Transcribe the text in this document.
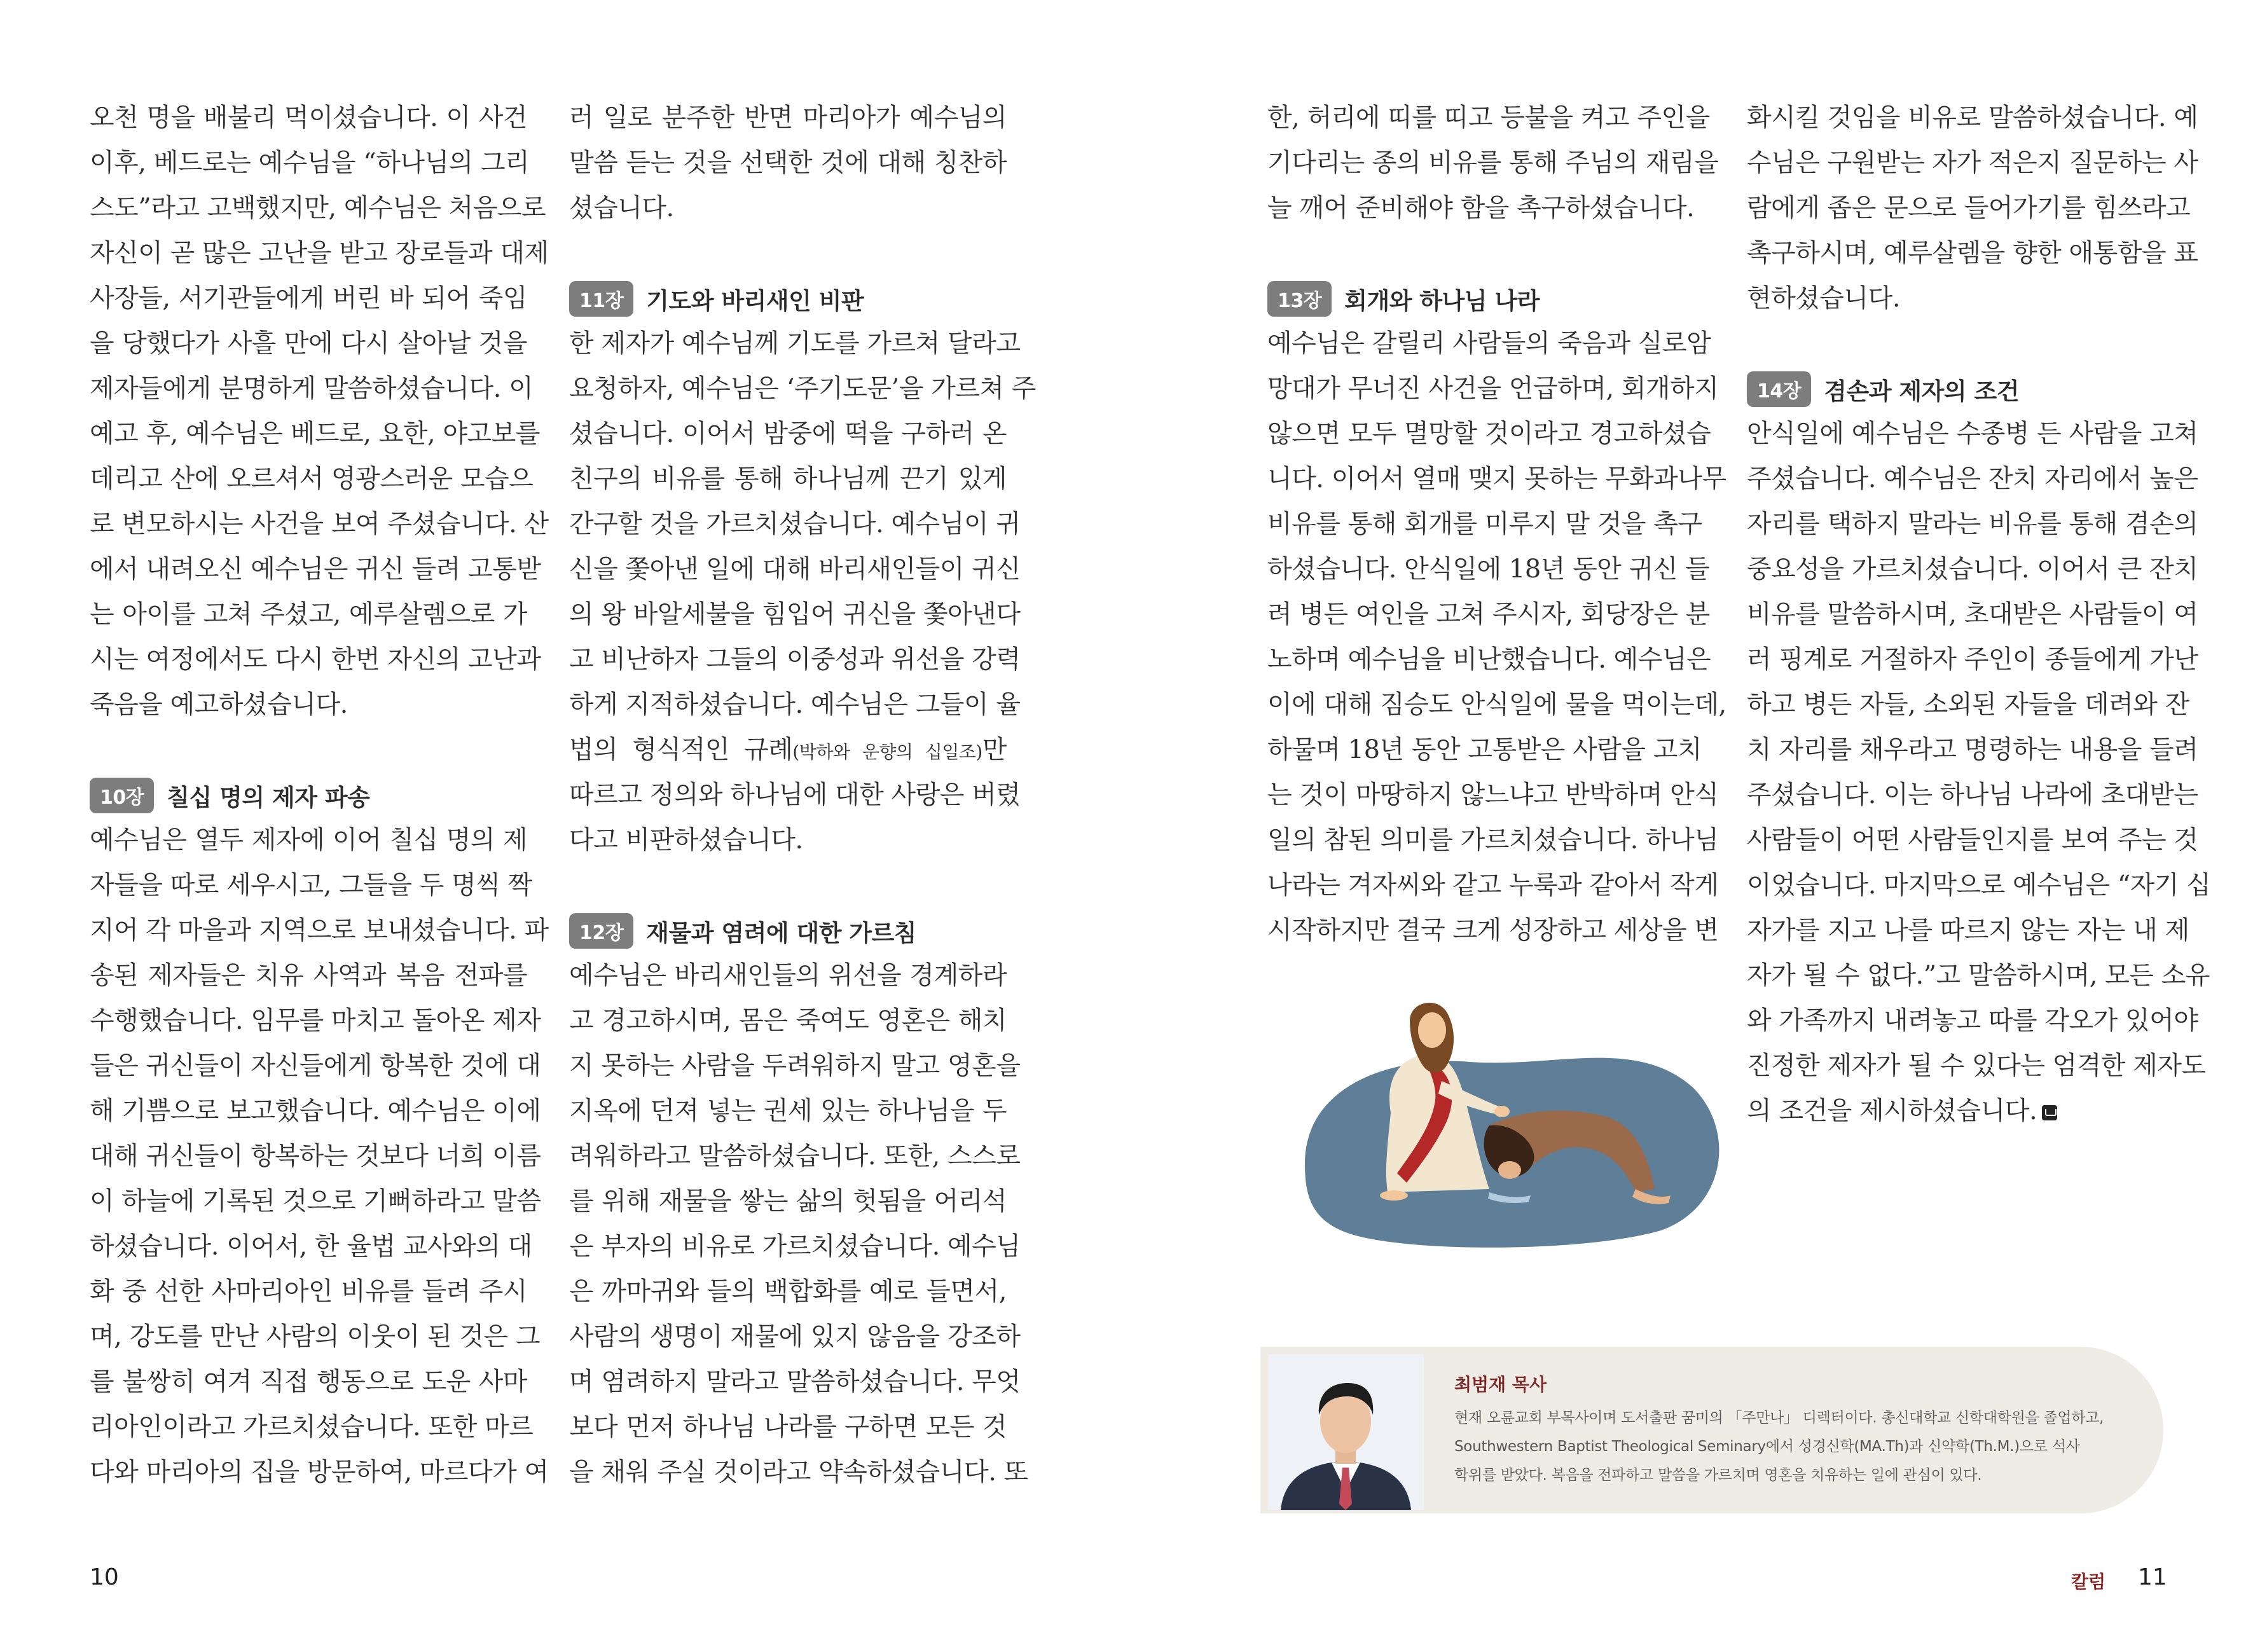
오천 명을 배불리 먹이셨습니다. 이 사건
이후, 베드로는 예수님을 “하나님의 그리
스도”라고 고백했지만, 예수님은 처음으로
자신이 곧 많은 고난을 받고 장로들과 대제
사장들, 서기관들에게 버린 바 되어 죽임
을 당했다가 사흘 만에 다시 살아날 것을
제자들에게 분명하게 말씀하셨습니다. 이
예고 후, 예수님은 베드로, 요한, 야고보를
데리고 산에 오르셔서 영광스러운 모습으
로 변모하시는 사건을 보여 주셨습니다. 산
에서 내려오신 예수님은 귀신 들려 고통받
는 아이를 고쳐 주셨고, 예루살렘으로 가
시는 여정에서도 다시 한번 자신의 고난과
죽음을 예고하셨습니다.
10장 칠십 명의 제자 파송
예수님은 열두 제자에 이어 칠십 명의 제
자들을 따로 세우시고, 그들을 두 명씩 짝
지어 각 마을과 지역으로 보내셨습니다. 파
송된 제자들은 치유 사역과 복음 전파를
수행했습니다. 임무를 마치고 돌아온 제자
들은 귀신들이 자신들에게 항복한 것에 대
해 기쁨으로 보고했습니다. 예수님은 이에
대해 귀신들이 항복하는 것보다 너희 이름
이 하늘에 기록된 것으로 기뻐하라고 말씀
하셨습니다. 이어서, 한 율법 교사와의 대
화 중 선한 사마리아인 비유를 들려 주시
며, 강도를 만난 사람의 이웃이 된 것은 그
를 불쌍히 여겨 직접 행동으로 도운 사마
리아인이라고 가르치셨습니다. 또한 마르
다와 마리아의 집을 방문하여, 마르다가 여
러 일로 분주한 반면 마리아가 예수님의
말씀 듣는 것을 선택한 것에 대해 칭찬하
셨습니다.
11장 기도와 바리새인 비판
한 제자가 예수님께 기도를 가르쳐 달라고
요청하자, 예수님은 ‘주기도문’을 가르쳐 주
셨습니다. 이어서 밤중에 떡을 구하러 온
친구의 비유를 통해 하나님께 끈기 있게
간구할 것을 가르치셨습니다. 예수님이 귀
신을 쫓아낸 일에 대해 바리새인들이 귀신
의 왕 바알세불을 힘입어 귀신을 쫓아낸다
고 비난하자 그들의 이중성과 위선을 강력
하게 지적하셨습니다. 예수님은 그들이 율
법의 형식적인 규례(박하와 운향의 십일조)만
따르고 정의와 하나님에 대한 사랑은 버렸
다고 비판하셨습니다.
12장 재물과 염려에 대한 가르침
예수님은 바리새인들의 위선을 경계하라
고 경고하시며, 몸은 죽여도 영혼은 해치
지 못하는 사람을 두려워하지 말고 영혼을
지옥에 던져 넣는 권세 있는 하나님을 두
려워하라고 말씀하셨습니다. 또한, 스스로
를 위해 재물을 쌓는 삶의 헛됨을 어리석
은 부자의 비유로 가르치셨습니다. 예수님
은 까마귀와 들의 백합화를 예로 들면서,
사람의 생명이 재물에 있지 않음을 강조하
며 염려하지 말라고 말씀하셨습니다. 무엇
보다 먼저 하나님 나라를 구하면 모든 것
을 채워 주실 것이라고 약속하셨습니다. 또
10
한, 허리에 띠를 띠고 등불을 켜고 주인을
기다리는 종의 비유를 통해 주님의 재림을
늘 깨어 준비해야 함을 촉구하셨습니다.
13장 회개와 하나님 나라
예수님은 갈릴리 사람들의 죽음과 실로암
망대가 무너진 사건을 언급하며, 회개하지
않으면 모두 멸망할 것이라고 경고하셨습
니다. 이어서 열매 맺지 못하는 무화과나무
비유를 통해 회개를 미루지 말 것을 촉구
하셨습니다. 안식일에 18년 동안 귀신 들
려 병든 여인을 고쳐 주시자, 회당장은 분
노하며 예수님을 비난했습니다. 예수님은
이에 대해 짐승도 안식일에 물을 먹이는데,
하물며 18년 동안 고통받은 사람을 고치
는 것이 마땅하지 않느냐고 반박하며 안식
일의 참된 의미를 가르치셨습니다. 하나님
나라는 겨자씨와 같고 누룩과 같아서 작게
시작하지만 결국 크게 성장하고 세상을 변
화시킬 것임을 비유로 말씀하셨습니다. 예
수님은 구원받는 자가 적은지 질문하는 사
람에게 좁은 문으로 들어가기를 힘쓰라고
촉구하시며, 예루살렘을 향한 애통함을 표
현하셨습니다.
14장 겸손과 제자의 조건
안식일에 예수님은 수종병 든 사람을 고쳐
주셨습니다. 예수님은 잔치 자리에서 높은
자리를 택하지 말라는 비유를 통해 겸손의
중요성을 가르치셨습니다. 이어서 큰 잔치
비유를 말씀하시며, 초대받은 사람들이 여
러 핑계로 거절하자 주인이 종들에게 가난
하고 병든 자들, 소외된 자들을 데려와 잔
치 자리를 채우라고 명령하는 내용을 들려
주셨습니다. 이는 하나님 나라에 초대받는
사람들이 어떤 사람들인지를 보여 주는 것
이었습니다. 마지막으로 예수님은 “자기 십
자가를 지고 나를 따르지 않는 자는 내 제
자가 될 수 없다.”고 말씀하시며, 모든 소유
와 가족까지 내려놓고 따를 각오가 있어야
진정한 제자가 될 수 있다는 엄격한 제자도
의 조건을 제시하셨습니다.
최범재 목사
현재 오륜교회 부목사이며 도서출판 꿈미의 「주만나」 디렉터이다. 총신대학교 신학대학원을 졸업하고,
Southwestern Baptist Theological Seminary에서 성경신학(MA.Th)과 신약학(Th.M.)으로 석사
학위를 받았다. 복음을 전파하고 말씀을 가르치며 영혼을 치유하는 일에 관심이 있다.
칼럼 11
